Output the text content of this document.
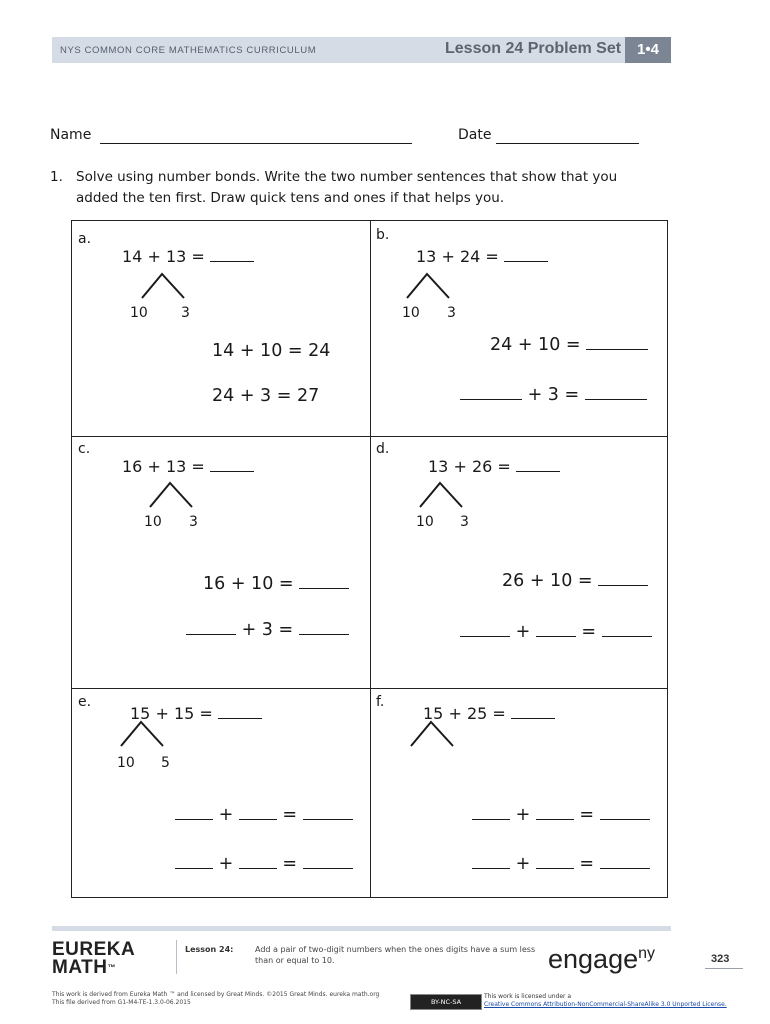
NYS COMMON CORE MATHEMATICS CURRICULUM	Lesson 24 Problem Set	1•4
Name	Date
1. Solve using number bonds. Write the two number sentences that show that you
added the ten first. Draw quick tens and ones if that helps you.
a.
14 + 13 =
10 3
14 + 10 = 24
24 + 3 = 27
b.
13 + 24 =
10 3
24 + 10 =
+ 3 =
c.
16 + 13 =
10 3
16 + 10 =
+ 3 =
d.
13 + 26 =
10 3
26 + 10 =
+	=
e.
15 + 15 =
10 5
+	=
+	=
f.
15 + 25 =
+	=
+	=
EUREKA
MATH™
Lesson 24:	Add a pair of two-digit numbers when the ones digits have a sum less than or equal to 10.	engage$^{ny}$	323
This work is derived from Eureka Math ™ and licensed by Great Minds. ©2015 Great Minds. eureka math.org
This file derived from G1-M4-TE-1.3.0-06.2015	BY-NC-SA
This work is licensed under a
Creative Commons Attribution-NonCommercial-ShareAlike 3.0 Unported License.
